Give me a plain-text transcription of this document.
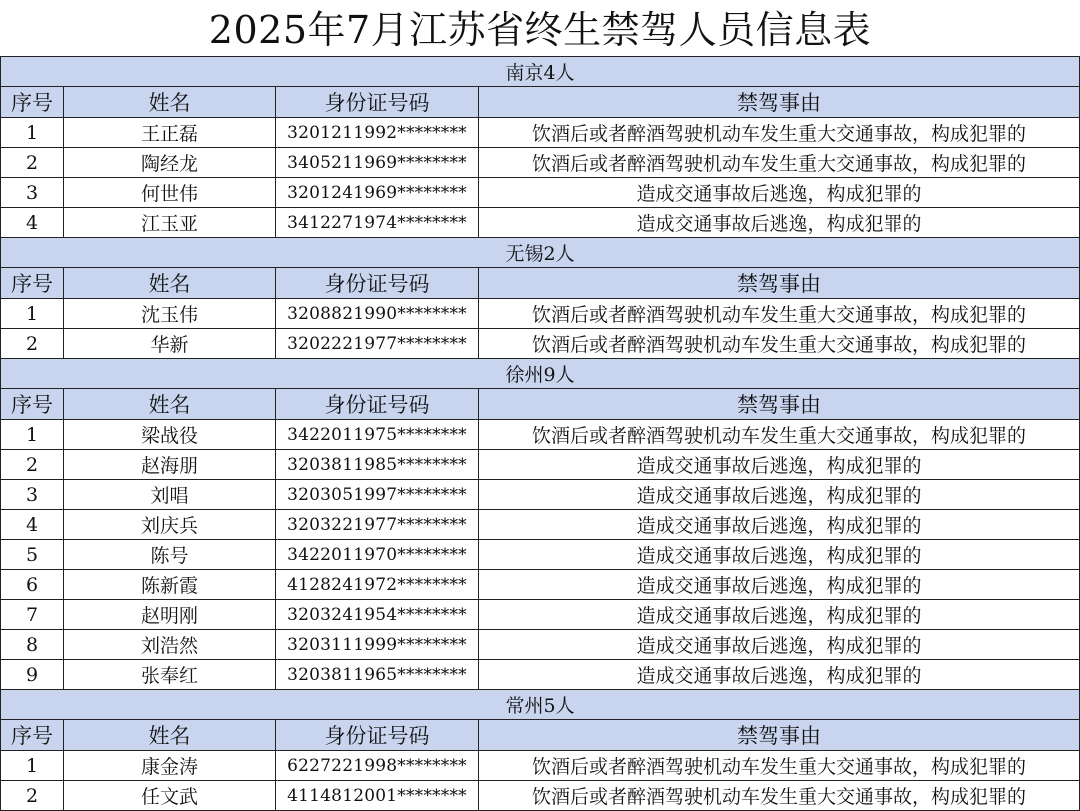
2025年7月江苏省终生禁驾人员信息表
南京4人			
序号	姓名	身份证号码	禁驾事由
1	王正磊	3201211992********	饮酒后或者醉酒驾驶机动车发生重大交通事故，构成犯罪的
2	陶经龙	3405211969********	饮酒后或者醉酒驾驶机动车发生重大交通事故，构成犯罪的
3	何世伟	3201241969********	造成交通事故后逃逸，构成犯罪的
4	江玉亚	3412271974********	造成交通事故后逃逸，构成犯罪的
无锡2人			
序号	姓名	身份证号码	禁驾事由
1	沈玉伟	3208821990********	饮酒后或者醉酒驾驶机动车发生重大交通事故，构成犯罪的
2	华新	3202221977********	饮酒后或者醉酒驾驶机动车发生重大交通事故，构成犯罪的
徐州9人			
序号	姓名	身份证号码	禁驾事由
1	梁战役	3422011975********	饮酒后或者醉酒驾驶机动车发生重大交通事故，构成犯罪的
2	赵海朋	3203811985********	造成交通事故后逃逸，构成犯罪的
3	刘唱	3203051997********	造成交通事故后逃逸，构成犯罪的
4	刘庆兵	3203221977********	造成交通事故后逃逸，构成犯罪的
5	陈号	3422011970********	造成交通事故后逃逸，构成犯罪的
6	陈新霞	4128241972********	造成交通事故后逃逸，构成犯罪的
7	赵明刚	3203241954********	造成交通事故后逃逸，构成犯罪的
8	刘浩然	3203111999********	造成交通事故后逃逸，构成犯罪的
9	张奉红	3203811965********	造成交通事故后逃逸，构成犯罪的
常州5人			
序号	姓名	身份证号码	禁驾事由
1	康金涛	6227221998********	饮酒后或者醉酒驾驶机动车发生重大交通事故，构成犯罪的
2	任文武	4114812001********	饮酒后或者醉酒驾驶机动车发生重大交通事故，构成犯罪的
